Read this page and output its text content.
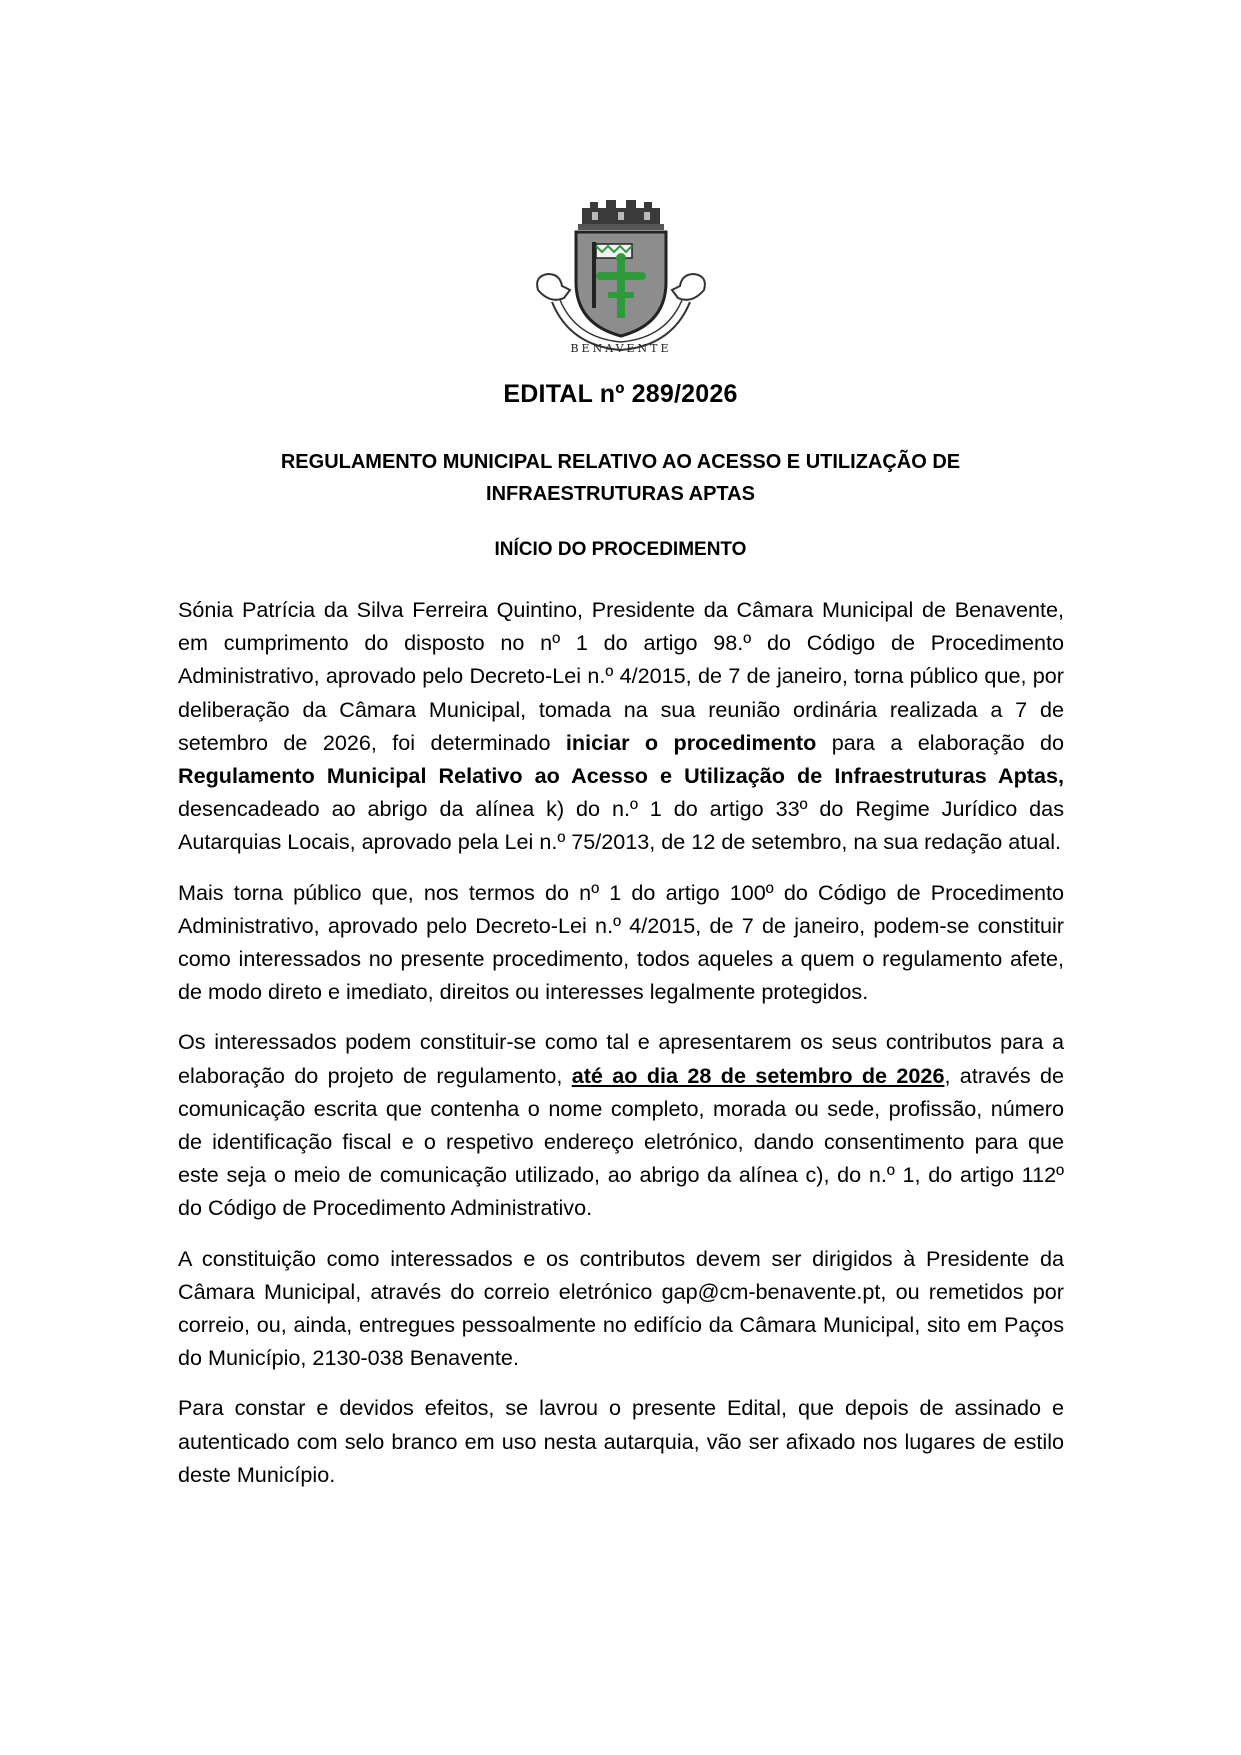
BENAVENTE
EDITAL nº 289/2026
REGULAMENTO MUNICIPAL RELATIVO AO ACESSO E UTILIZAÇÃO DE
INFRAESTRUTURAS APTAS
INÍCIO DO PROCEDIMENTO

Sónia Patrícia da Silva Ferreira Quintino, Presidente da Câmara Municipal de Benavente, em cumprimento do disposto no nº 1 do artigo 98.º do Código de Procedimento Administrativo, aprovado pelo Decreto-Lei n.º 4/2015, de 7 de janeiro, torna público que, por deliberação da Câmara Municipal, tomada na sua reunião ordinária realizada a 7 de setembro de 2026, foi determinado iniciar o procedimento para a elaboração do Regulamento Municipal Relativo ao Acesso e Utilização de Infraestruturas Aptas, desencadeado ao abrigo da alínea k) do n.º 1 do artigo 33º do Regime Jurídico das Autarquias Locais, aprovado pela Lei n.º 75/2013, de 12 de setembro, na sua redação atual.

Mais torna público que, nos termos do nº 1 do artigo 100º do Código de Procedimento Administrativo, aprovado pelo Decreto-Lei n.º 4/2015, de 7 de janeiro, podem-se constituir como interessados no presente procedimento, todos aqueles a quem o regulamento afete, de modo direto e imediato, direitos ou interesses legalmente protegidos.

Os interessados podem constituir-se como tal e apresentarem os seus contributos para a elaboração do projeto de regulamento, até ao dia 28 de setembro de 2026, através de comunicação escrita que contenha o nome completo, morada ou sede, profissão, número de identificação fiscal e o respetivo endereço eletrónico, dando consentimento para que este seja o meio de comunicação utilizado, ao abrigo da alínea c), do n.º 1, do artigo 112º do Código de Procedimento Administrativo.

A constituição como interessados e os contributos devem ser dirigidos à Presidente da Câmara Municipal, através do correio eletrónico gap@cm-benavente.pt, ou remetidos por correio, ou, ainda, entregues pessoalmente no edifício da Câmara Municipal, sito em Paços do Município, 2130-038 Benavente.

Para constar e devidos efeitos, se lavrou o presente Edital, que depois de assinado e autenticado com selo branco em uso nesta autarquia, vão ser afixado nos lugares de estilo deste Município.
